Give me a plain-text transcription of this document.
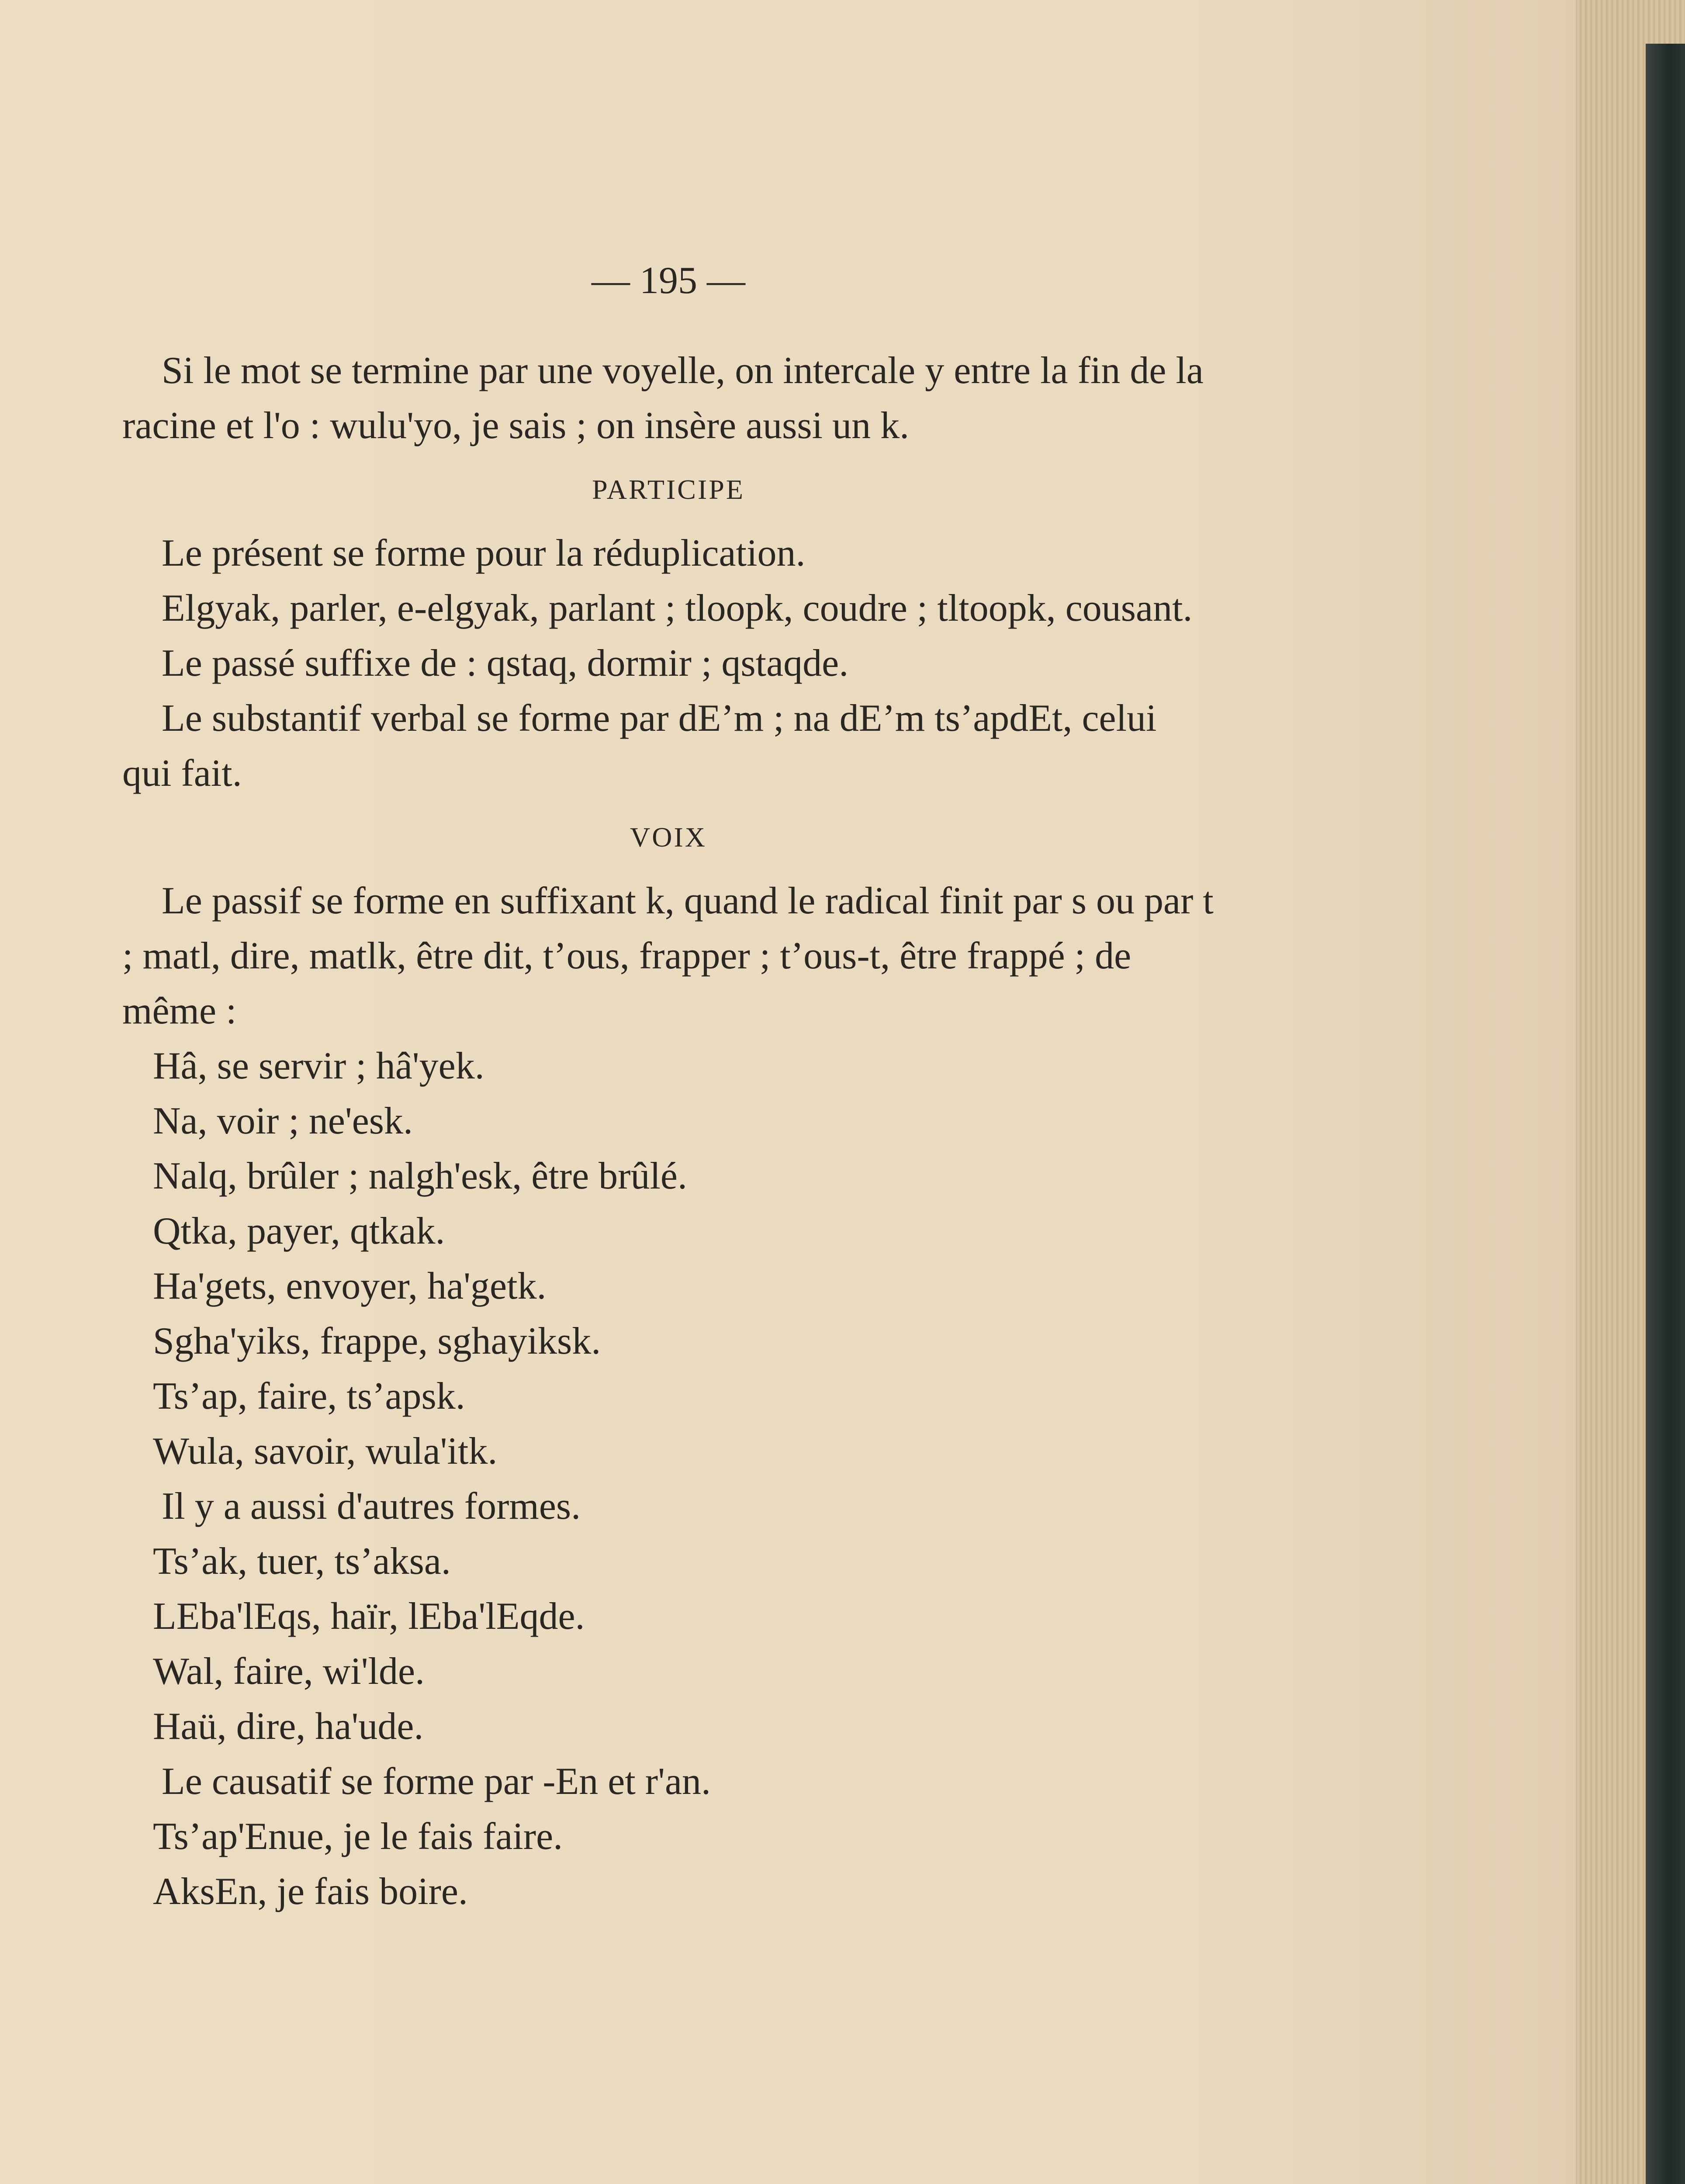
— 195 —

Si le mot se termine par une voyelle, on intercale y entre la fin de la racine et l'o : wulu'yo, je sais ; on insère aussi un k.

PARTICIPE

Le présent se forme pour la réduplication.

Elgyak, parler, e-elgyak, parlant ; tloopk, coudre ; tltoopk, cousant.

Le passé suffixe de : qstaq, dormir ; qstaqde.

Le substantif verbal se forme par dEʼm ; na dEʼm tsʼapdEt, celui qui fait.

VOIX

Le passif se forme en suffixant k, quand le radical finit par s ou par t ; matl, dire, matlk, être dit, tʼous, frapper ; tʼous-t, être frappé ; de même :

Hâ, se servir ; hâ'yek.

Na, voir ; ne'esk.

Nalq, brûler ; nalgh'esk, être brûlé.

Qtka, payer, qtkak.

Ha'gets, envoyer, ha'getk.

Sgha'yiks, frappe, sghayiksk.

Tsʼap, faire, tsʼapsk.

Wula, savoir, wula'itk.

Il y a aussi d'autres formes.

Tsʼak, tuer, tsʼaksa.

LEba'lEqs, haïr, lEba'lEqde.

Wal, faire, wi'lde.

Haü, dire, ha'ude.

Le causatif se forme par -En et r'an.

Tsʼap'Enue, je le fais faire.

AksEn, je fais boire.
